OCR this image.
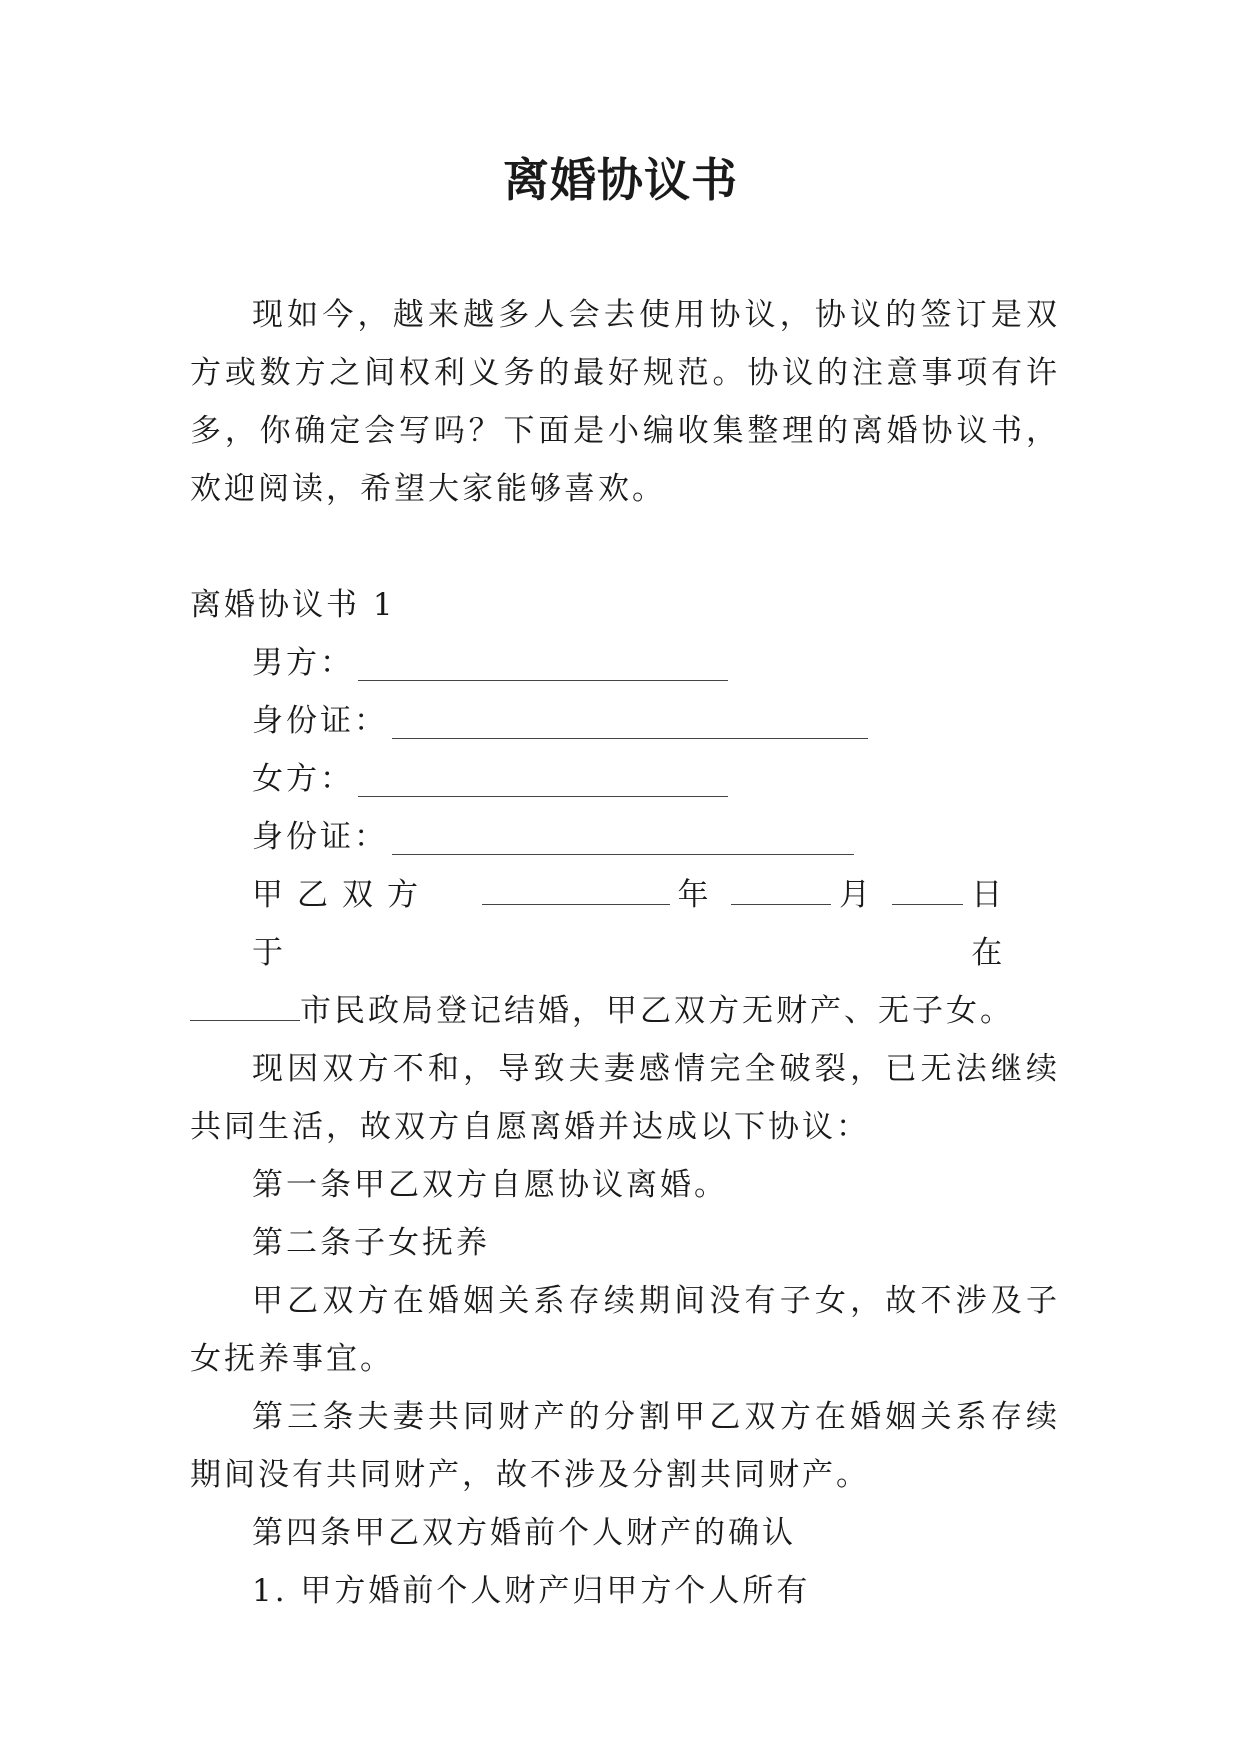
离婚协议书

现如今，越来越多人会去使用协议，协议的签订是双方或数方之间权利义务的最好规范。协议的注意事项有许多，你确定会写吗？下面是小编收集整理的离婚协议书，欢迎阅读，希望大家能够喜欢。

离婚协议书 1

男方：
身份证：
女方：
身份证：
甲乙双方于
年	月	日在

市民政局登记结婚，甲乙双方无财产、无子女。

现因双方不和，导致夫妻感情完全破裂，已无法继续共同生活，故双方自愿离婚并达成以下协议：

第一条甲乙双方自愿协议离婚。

第二条子女抚养

甲乙双方在婚姻关系存续期间没有子女，故不涉及子女抚养事宜。

第三条夫妻共同财产的分割甲乙双方在婚姻关系存续期间没有共同财产，故不涉及分割共同财产。

第四条甲乙双方婚前个人财产的确认

1. 甲方婚前个人财产归甲方个人所有
